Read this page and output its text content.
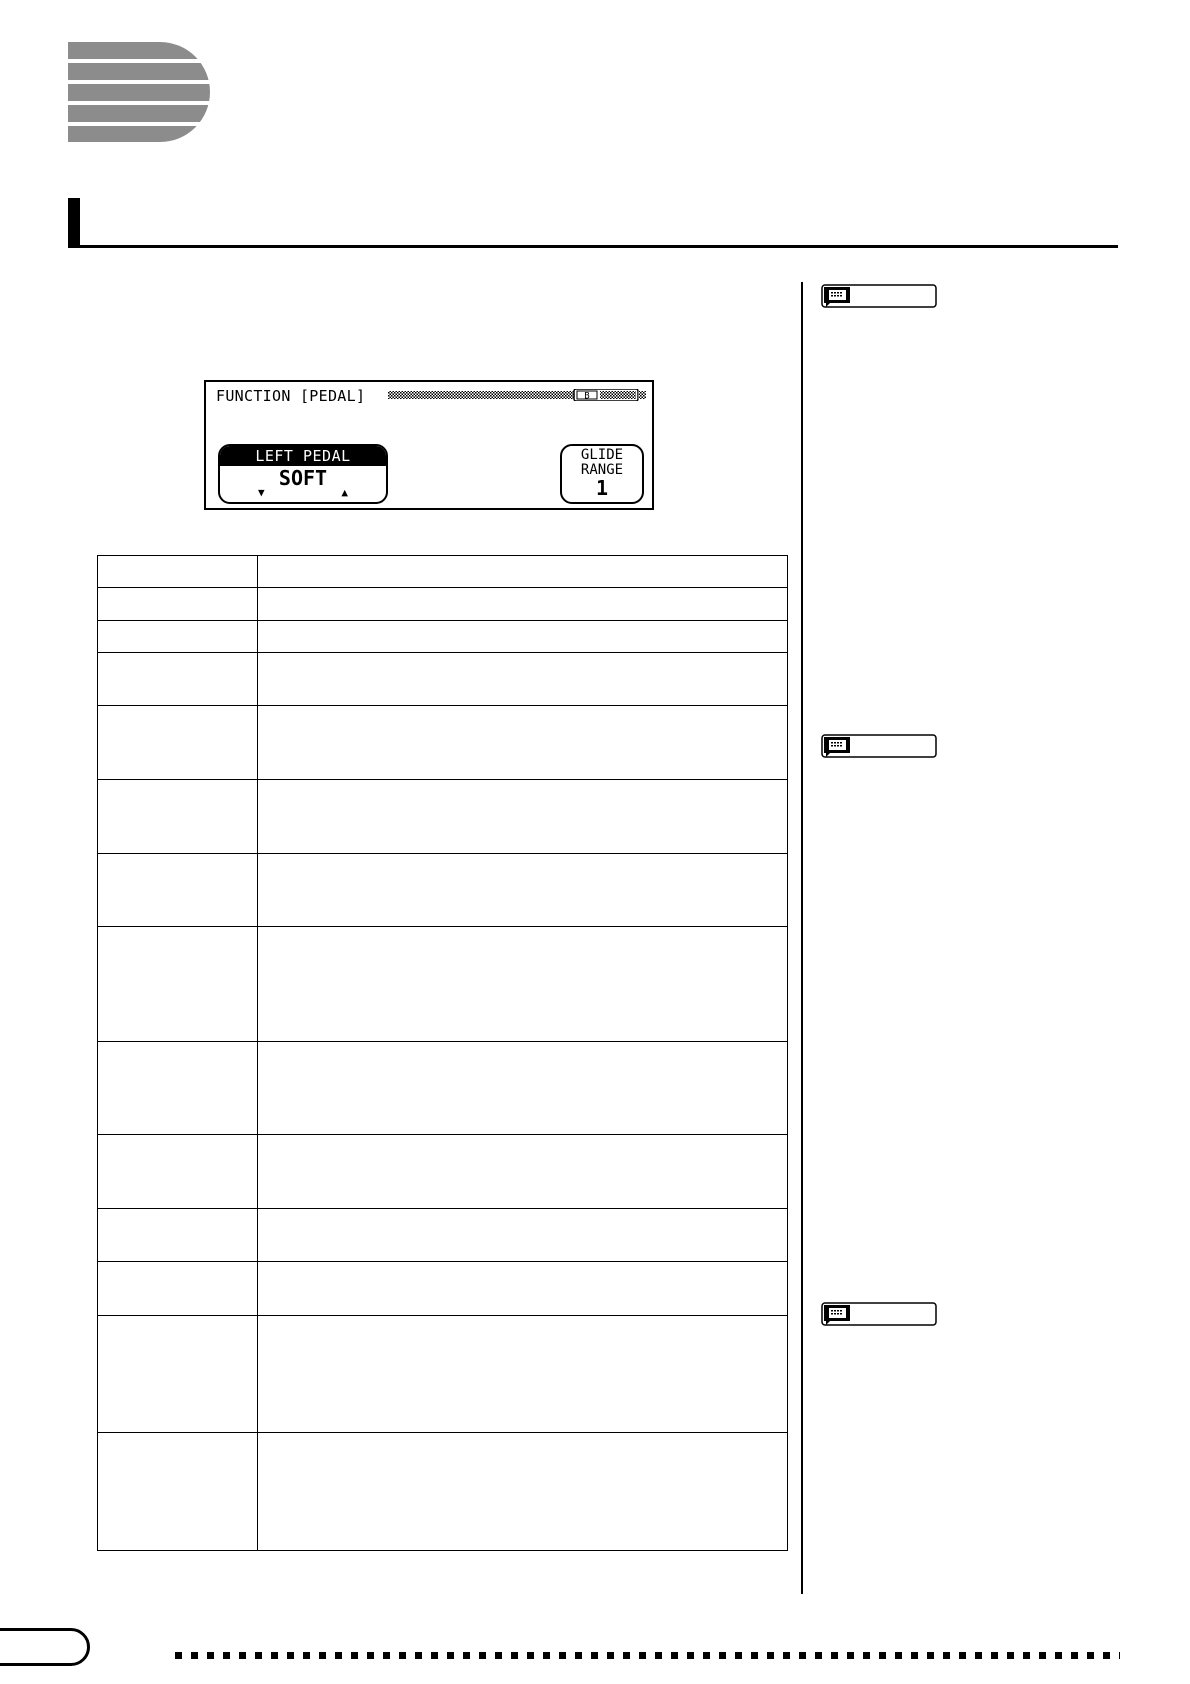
FUNCTION [PEDAL]	B
LEFT PEDAL
SOFT
▼	▲
GLIDE
RANGE
1
